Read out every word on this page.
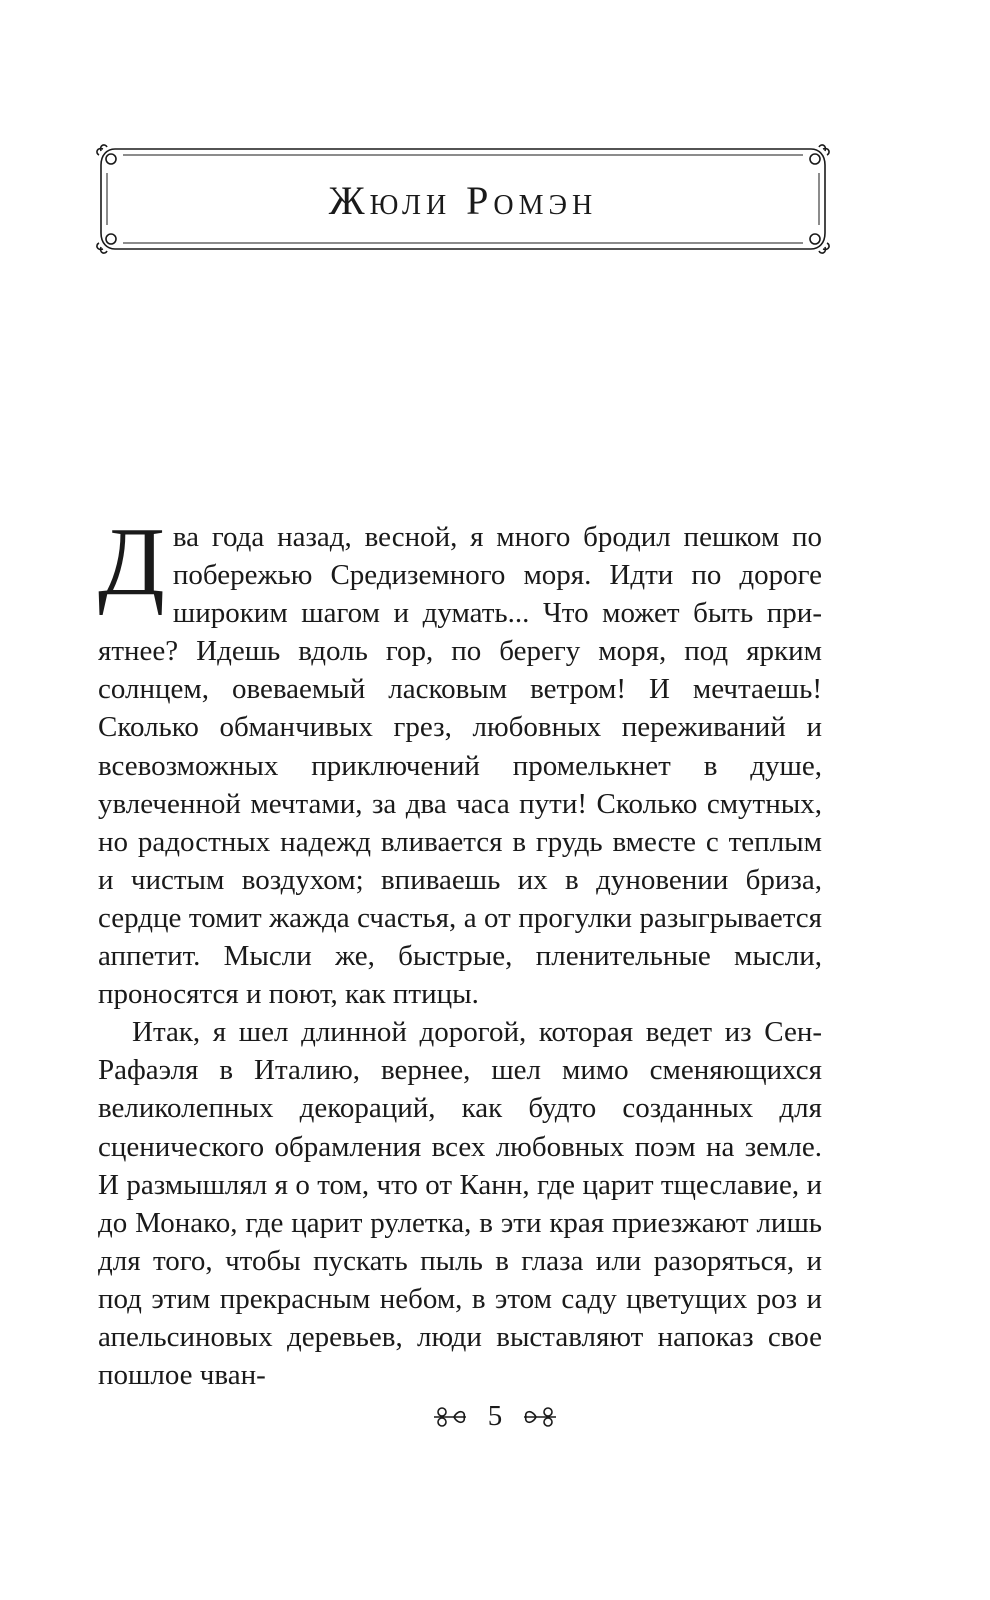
Жюли Ромэн

Два года назад, весной, я много бродил пешком по побережью Средиземного моря. Идти по дороге широким шагом и думать... Что может быть приятнее? Идешь вдоль гор, по берегу моря, под ярким солнцем, овеваемый ласковым ветром! И мечтаешь! Сколько обманчивых грез, любовных переживаний и всевозможных приключений промелькнет в душе, увлеченной мечтами, за два часа пути! Сколько смутных, но радостных надежд вливается в грудь вместе с теплым и чистым воздухом; впиваешь их в дуновении бриза, сердце томит жажда счастья, а от прогулки разыгрывается аппетит. Мысли же, быстрые, пленительные мысли, проносятся и поют, как птицы.

Итак, я шел длинной дорогой, которая ведет из Сен-Рафаэля в Италию, вернее, шел мимо сменяющихся великолепных декораций, как будто созданных для сценического обрамления всех любовных поэм на земле. И размышлял я о том, что от Канн, где царит тщеславие, и до Монако, где царит рулетка, в эти края приезжают лишь для того, чтобы пускать пыль в глаза или разоряться, и под этим прекрасным небом, в этом саду цветущих роз и апельсиновых деревьев, люди выставляют напоказ свое пошлое чван-

5
